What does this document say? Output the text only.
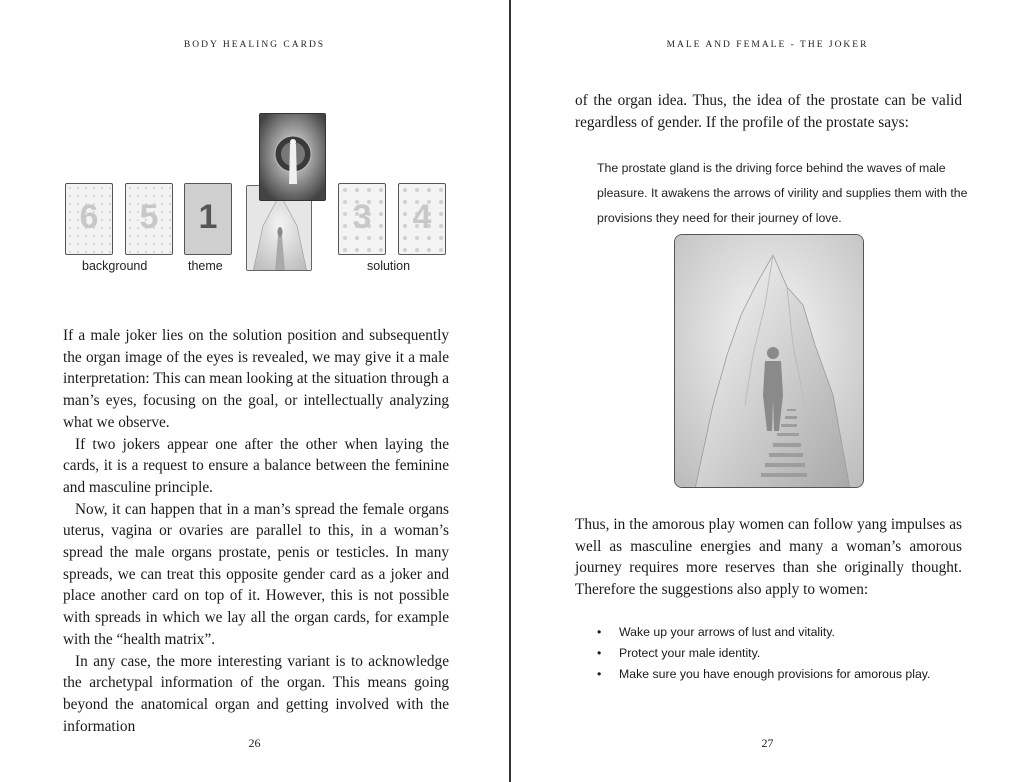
BODY HEALING CARDS
6	5	1	3	4
background	theme	solution

If a male joker lies on the solution position and subsequently the organ image of the eyes is revealed, we may give it a male interpretation: This can mean looking at the situation through a man’s eyes, focusing on the goal, or intellectually analyzing what we observe.

If two jokers appear one after the other when laying the cards, it is a request to ensure a balance between the feminine and masculine principle.

Now, it can happen that in a man’s spread the female organs uterus, vagina or ovaries are parallel to this, in a woman’s spread the male organs prostate, penis or testicles. In many spreads, we can treat this opposite gender card as a joker and place another card on top of it. However, this is not possible with spreads in which we lay all the organ cards, for example with the “health matrix”.

In any case, the more interesting variant is to acknowledge the archetypal information of the organ. This means going beyond the anatomical organ and getting involved with the information

26
MALE AND FEMALE - THE JOKER

of the organ idea. Thus, the idea of the prostate can be valid regardless of gender. If the profile of the prostate says:

The prostate gland is the driving force behind the waves of male pleasure. It awakens the arrows of virility and supplies them with the provisions they need for their journey of love.

Thus, in the amorous play women can follow yang impulses as well as masculine energies and many a woman’s amorous journey requires more reserves than she originally thought. Therefore the suggestions also apply to women:

• Wake up your arrows of lust and vitality.
• Protect your male identity.
• Make sure you have enough provisions for amorous play.
27
